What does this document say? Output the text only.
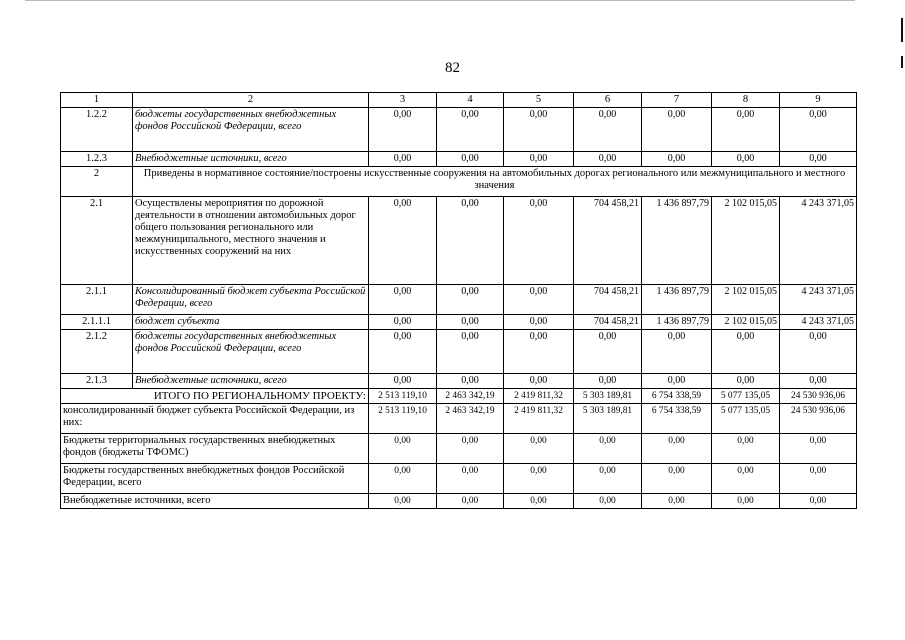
82
1	2	3	4	5	6	7	8	9
1.2.2	бюджеты государственных внебюджетных фондов Российской Федерации, всего	0,00	0,00	0,00	0,00	0,00	0,00	0,00
1.2.3	Внебюджетные источники, всего	0,00	0,00	0,00	0,00	0,00	0,00	0,00
2	Приведены в нормативное состояние/построены искусственные сооружения на автомобильных дорогах регионального или межмуниципального и местного значения							
2.1	Осуществлены мероприятия по дорожной деятельности в отношении автомобильных дорог общего пользования регионального или межмуниципального, местного значения и искусственных сооружений на них	0,00	0,00	0,00	704 458,21	1 436 897,79	2 102 015,05	4 243 371,05
2.1.1	Консолидированный бюджет субъекта Российской Федерации, всего	0,00	0,00	0,00	704 458,21	1 436 897,79	2 102 015,05	4 243 371,05
2.1.1.1	бюджет субъекта	0,00	0,00	0,00	704 458,21	1 436 897,79	2 102 015,05	4 243 371,05
2.1.2	бюджеты государственных внебюджетных фондов Российской Федерации, всего	0,00	0,00	0,00	0,00	0,00	0,00	0,00
2.1.3	Внебюджетные источники, всего	0,00	0,00	0,00	0,00	0,00	0,00	0,00
ИТОГО ПО РЕГИОНАЛЬНОМУ ПРОЕКТУ:		2 513 119,10	2 463 342,19	2 419 811,32	5 303 189,81	6 754 338,59	5 077 135,05	24 530 936,06
консолидированный бюджет субъекта Российской Федерации, из них:		2 513 119,10	2 463 342,19	2 419 811,32	5 303 189,81	6 754 338,59	5 077 135,05	24 530 936,06
Бюджеты территориальных государственных внебюджетных фондов (бюджеты ТФОМС)		0,00	0,00	0,00	0,00	0,00	0,00	0,00
Бюджеты государственных внебюджетных фондов Российской Федерации, всего		0,00	0,00	0,00	0,00	0,00	0,00	0,00
Внебюджетные источники, всего		0,00	0,00	0,00	0,00	0,00	0,00	0,00
